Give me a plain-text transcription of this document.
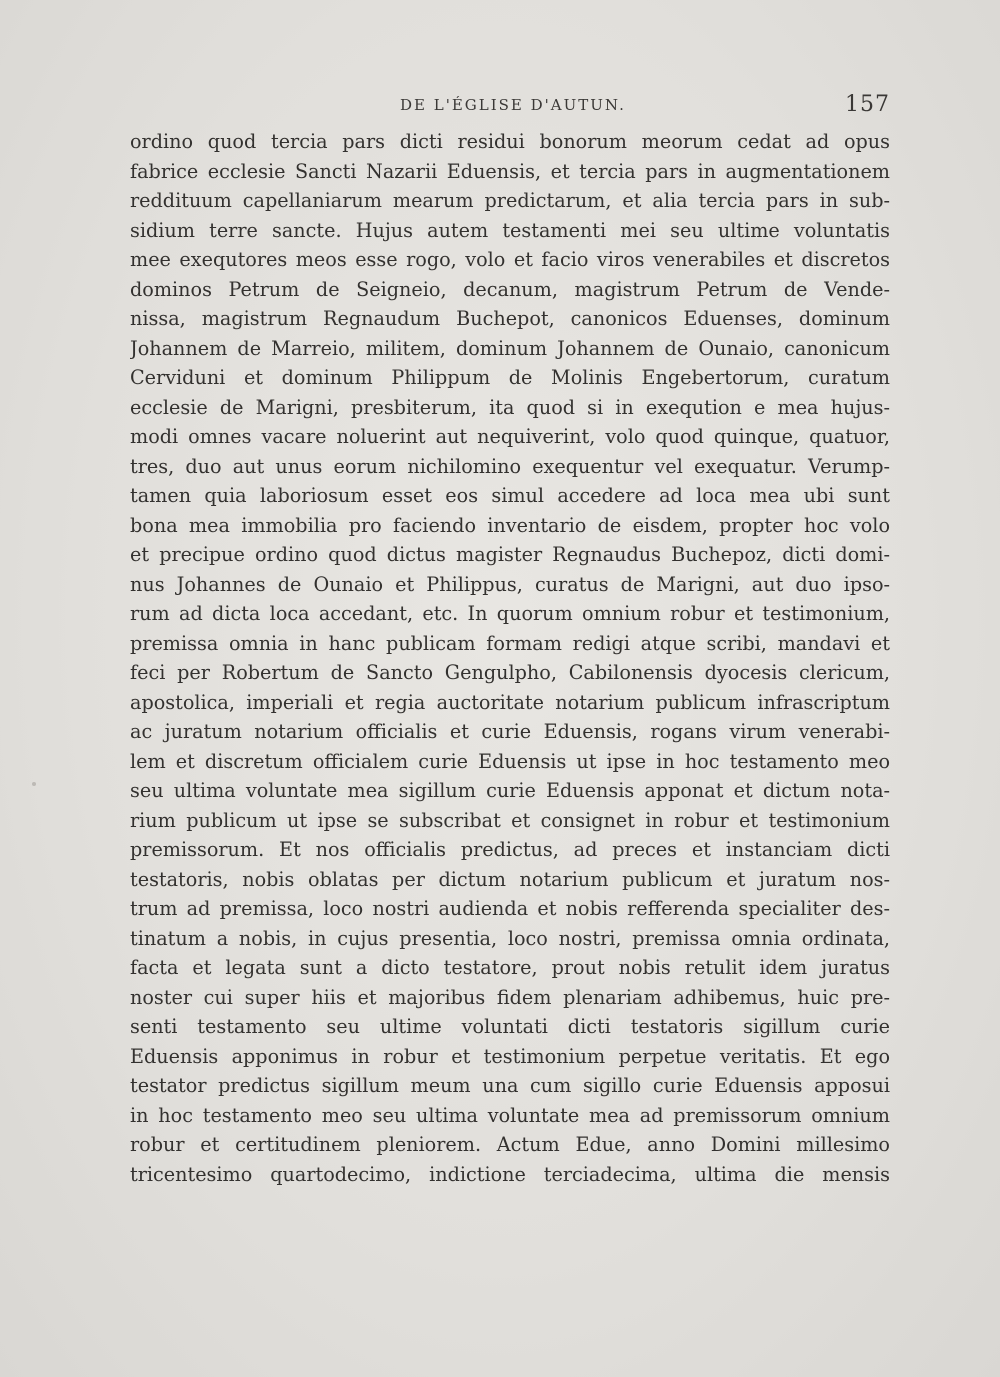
DE L'ÉGLISE D'AUTUN.	157
ordino quod tercia pars dicti residui bonorum meorum cedat ad opus
fabrice ecclesie Sancti Nazarii Eduensis, et tercia pars in augmentationem
reddituum capellaniarum mearum predictarum, et alia tercia pars in sub-
sidium terre sancte. Hujus autem testamenti mei seu ultime voluntatis
mee exequtores meos esse rogo, volo et facio viros venerabiles et discretos
dominos Petrum de Seigneio, decanum, magistrum Petrum de Vende-
nissa, magistrum Regnaudum Buchepot, canonicos Eduenses, dominum
Johannem de Marreio, militem, dominum Johannem de Ounaio, canonicum
Cerviduni et dominum Philippum de Molinis Engebertorum, curatum
ecclesie de Marigni, presbiterum, ita quod si in exeqution e mea hujus-
modi omnes vacare noluerint aut nequiverint, volo quod quinque, quatuor,
tres, duo aut unus eorum nichilomino exequentur vel exequatur. Verump-
tamen quia laboriosum esset eos simul accedere ad loca mea ubi sunt
bona mea immobilia pro faciendo inventario de eisdem, propter hoc volo
et precipue ordino quod dictus magister Regnaudus Buchepoz, dicti domi-
nus Johannes de Ounaio et Philippus, curatus de Marigni, aut duo ipso-
rum ad dicta loca accedant, etc. In quorum omnium robur et testimonium,
premissa omnia in hanc publicam formam redigi atque scribi, mandavi et
feci per Robertum de Sancto Gengulpho, Cabilonensis dyocesis clericum,
apostolica, imperiali et regia auctoritate notarium publicum infrascriptum
ac juratum notarium officialis et curie Eduensis, rogans virum venerabi-
lem et discretum officialem curie Eduensis ut ipse in hoc testamento meo
seu ultima voluntate mea sigillum curie Eduensis apponat et dictum nota-
rium publicum ut ipse se subscribat et consignet in robur et testimonium
premissorum. Et nos officialis predictus, ad preces et instanciam dicti
testatoris, nobis oblatas per dictum notarium publicum et juratum nos-
trum ad premissa, loco nostri audienda et nobis refferenda specialiter des-
tinatum a nobis, in cujus presentia, loco nostri, premissa omnia ordinata,
facta et legata sunt a dicto testatore, prout nobis retulit idem juratus
noster cui super hiis et majoribus fidem plenariam adhibemus, huic pre-
senti testamento seu ultime voluntati dicti testatoris sigillum curie
Eduensis apponimus in robur et testimonium perpetue veritatis. Et ego
testator predictus sigillum meum una cum sigillo curie Eduensis apposui
in hoc testamento meo seu ultima voluntate mea ad premissorum omnium
robur et certitudinem pleniorem. Actum Edue, anno Domini millesimo
tricentesimo quartodecimo, indictione terciadecima, ultima die mensis
